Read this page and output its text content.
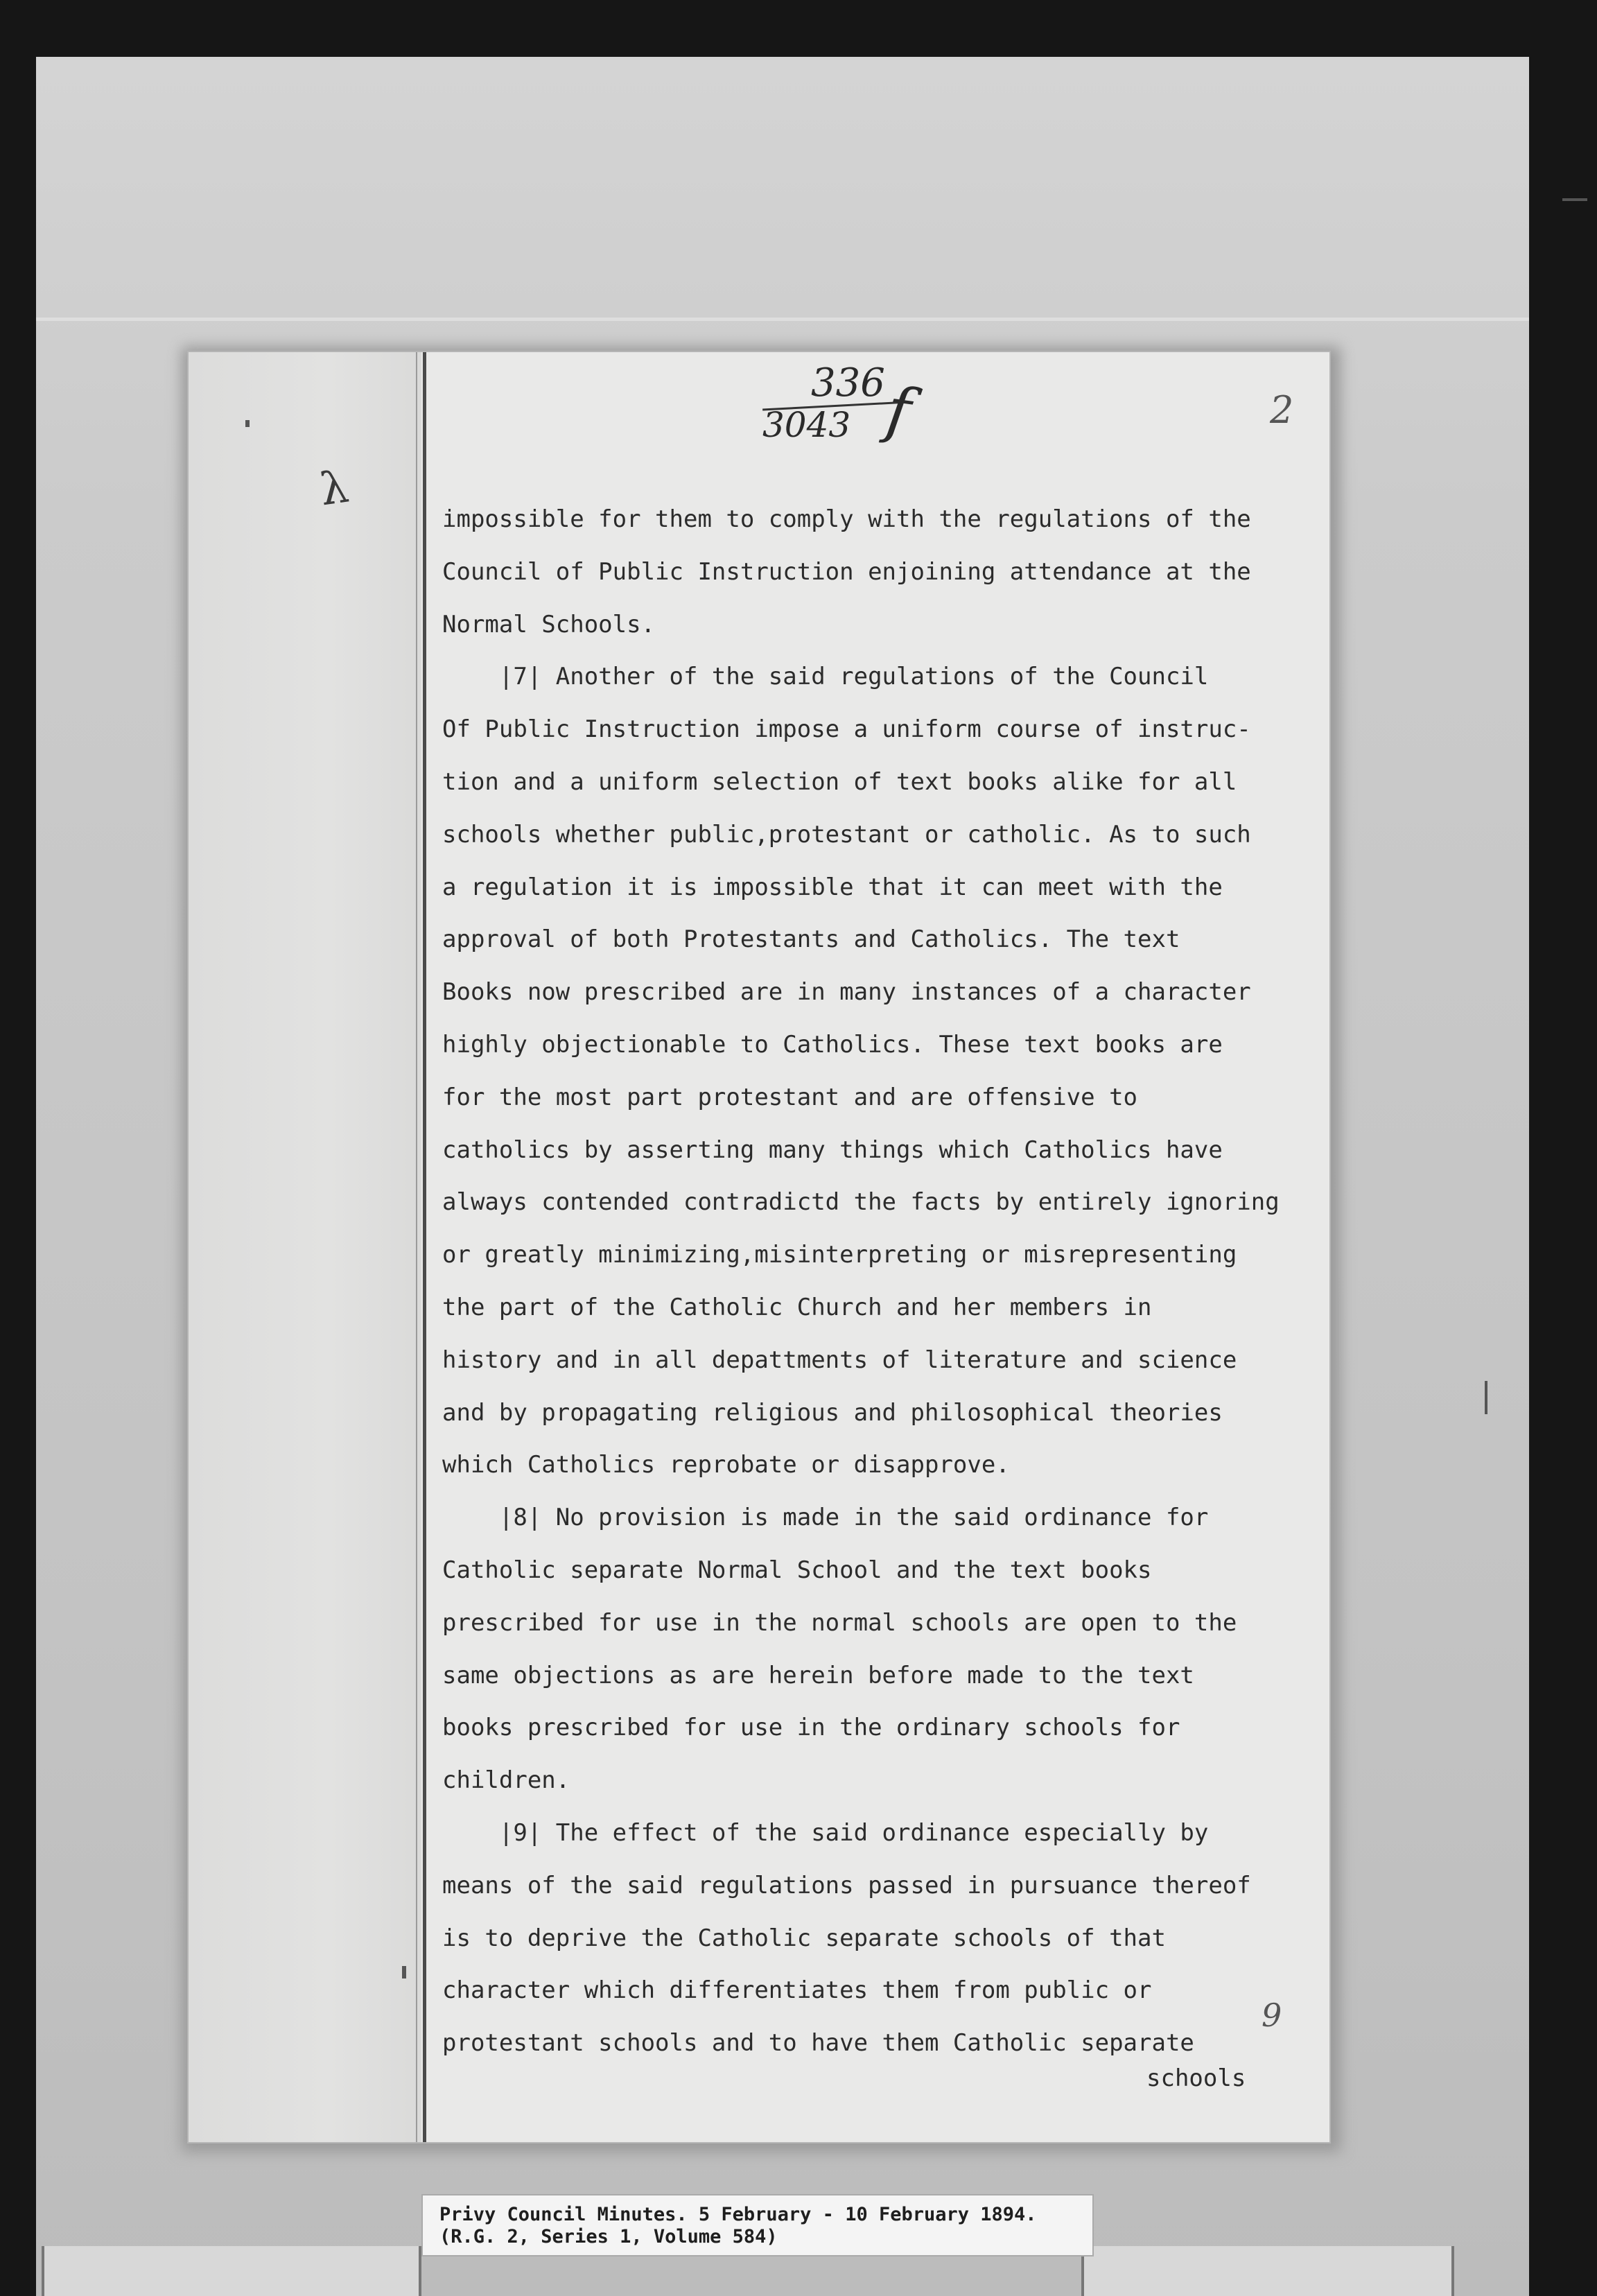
336
3043 f	2
9
λ
impossible for them to comply with the regulations of the
Council of Public Instruction enjoining attendance at the
Normal Schools.
|7| Another of the said regulations of the Council
Of Public Instruction impose a uniform course of instruc-
tion and a uniform selection of text books alike for all
schools whether public,protestant or catholic. As to such
a regulation it is impossible that it can meet with the
approval of both Protestants and Catholics. The text
Books now prescribed are in many instances of a character
highly objectionable to Catholics. These text books are
for the most part protestant and are offensive to
catholics by asserting many things which Catholics have
always contended contradictd the facts by entirely ignoring
or greatly minimizing,misinterpreting or misrepresenting
the part of the Catholic Church and her members in
history and in all depattments of literature and science
and by propagating religious and philosophical theories
which Catholics reprobate or disapprove.
|8| No provision is made in the said ordinance for
Catholic separate Normal School and the text books
prescribed for use in the normal schools are open to the
same objections as are herein before made to the text
books prescribed for use in the ordinary schools for
children.
|9| The effect of the said ordinance especially by
means of the said regulations passed in pursuance thereof
is to deprive the Catholic separate schools of that
character which differentiates them from public or
protestant schools and to have them Catholic separate
schools
Privy Council Minutes. 5 February - 10 February 1894.
(R.G. 2, Series 1, Volume 584)
